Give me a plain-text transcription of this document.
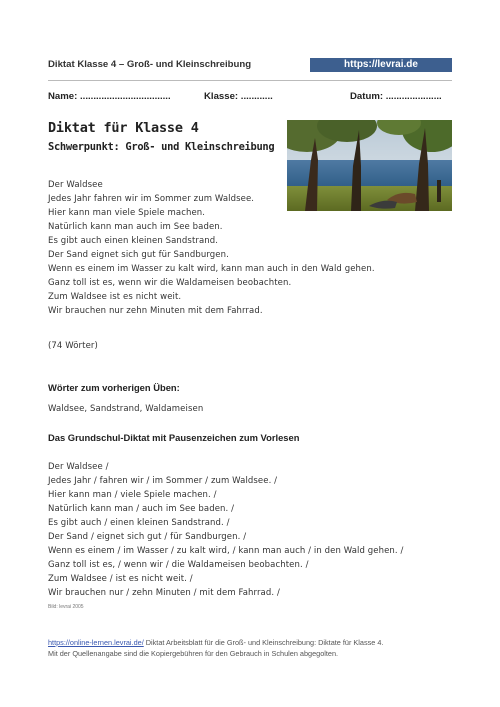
Diktat Klasse 4 – Groß- und Kleinschreibung	https://levrai.de
Name: ..................................	Klasse: ............	Datum: .....................
Diktat für Klasse 4
Schwerpunkt: Groß- und Kleinschreibung
Der Waldsee
Jedes Jahr fahren wir im Sommer zum Waldsee.
Hier kann man viele Spiele machen.
Natürlich kann man auch im See baden.
Es gibt auch einen kleinen Sandstrand.
Der Sand eignet sich gut für Sandburgen.
Wenn es einem im Wasser zu kalt wird, kann man auch in den Wald gehen.
Ganz toll ist es, wenn wir die Waldameisen beobachten.
Zum Waldsee ist es nicht weit.
Wir brauchen nur zehn Minuten mit dem Fahrrad.
(74 Wörter)
Wörter zum vorherigen Üben:
Waldsee, Sandstrand, Waldameisen
Das Grundschul-Diktat mit Pausenzeichen zum Vorlesen
Der Waldsee /
Jedes Jahr / fahren wir / im Sommer / zum Waldsee. /
Hier kann man / viele Spiele machen. /
Natürlich kann man / auch im See baden. /
Es gibt auch / einen kleinen Sandstrand. /
Der Sand / eignet sich gut / für Sandburgen. /
Wenn es einem / im Wasser / zu kalt wird, / kann man auch / in den Wald gehen. /
Ganz toll ist es, / wenn wir / die Waldameisen beobachten. /
Zum Waldsee / ist es nicht weit. /
Wir brauchen nur / zehn Minuten / mit dem Fahrrad. /
Bild: levrai 2005
https://online-lernen.levrai.de/ Diktat Arbeitsblatt für die Groß- und Kleinschreibung: Diktate für Klasse 4.
Mit der Quellenangabe sind die Kopiergebühren für den Gebrauch in Schulen abgegolten.
